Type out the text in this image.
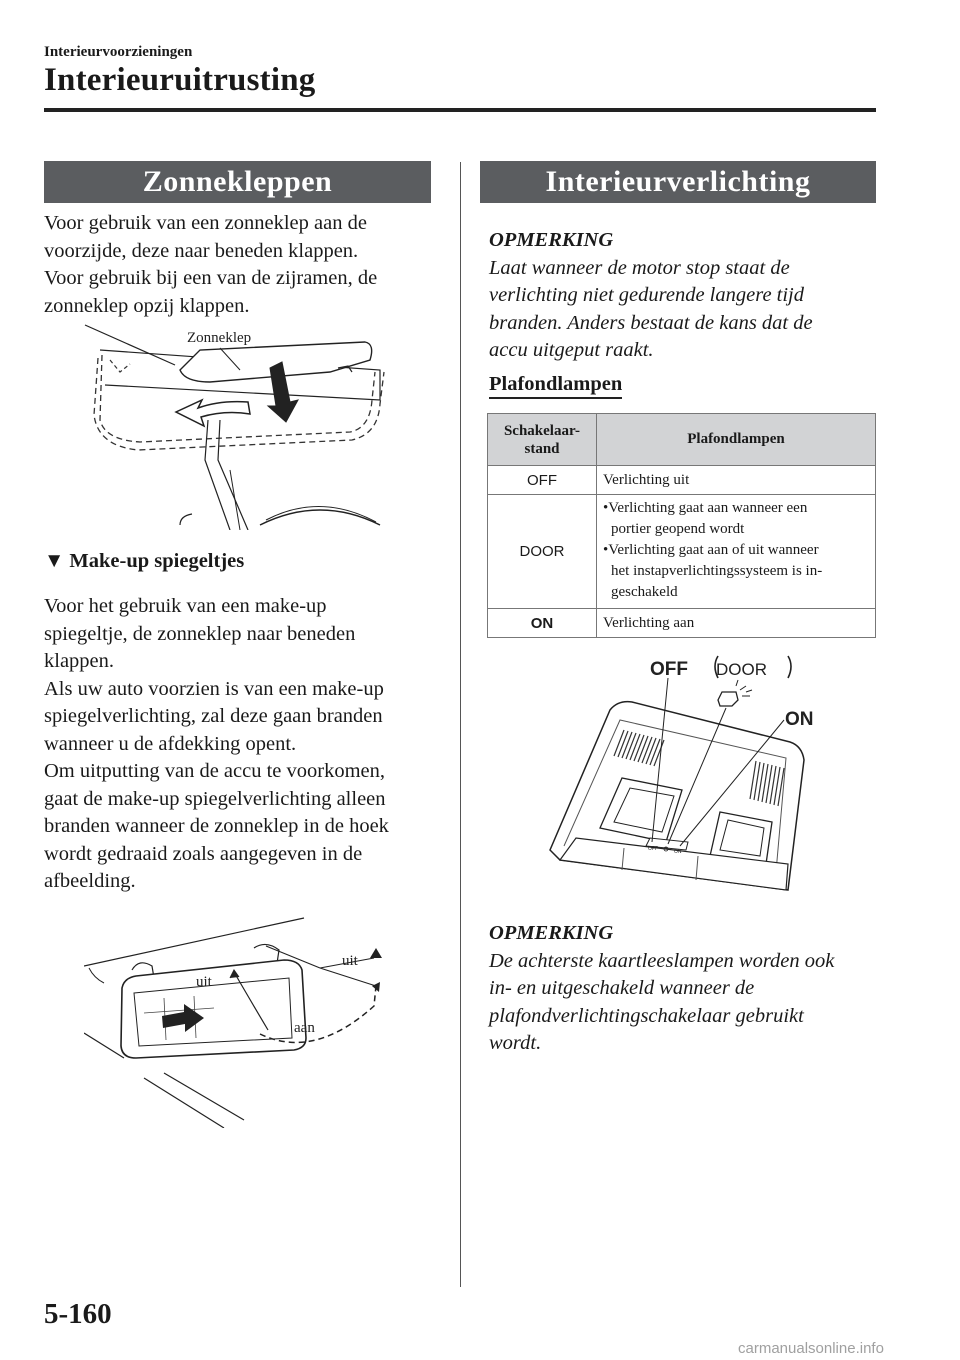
Interieurvoorzieningen
Interieuruitrusting
Zonnekleppen
Voor gebruik van een zonneklep aan de
voorzijde, deze naar beneden klappen.
Voor gebruik bij een van de zijramen, de
zonneklep opzij klappen.
Zonneklep
▼ Make-up spiegeltjes
Voor het gebruik van een make-up
spiegeltje, de zonneklep naar beneden
klappen.
Als uw auto voorzien is van een make-up
spiegelverlichting, zal deze gaan branden
wanneer u de afdekking opent.
Om uitputting van de accu te voorkomen,
gaat de make-up spiegelverlichting alleen
branden wanneer de zonneklep in de hoek
wordt gedraaid zoals aangegeven in de
afbeelding.
uit
uit
aan
Interieurverlichting
OPMERKING
Laat wanneer de motor stop staat de
verlichting niet gedurende langere tijd
branden. Anders bestaat de kans dat de
accu uitgeput raakt.
Plafondlampen
Schakelaar-
stand	Plafondlampen
OFF	Verlichting uit
DOOR	•Verlichting gaat aan wanneer een
portier geopend wordt
•Verlichting gaat aan of uit wanneer
het instapverlichtingssysteem is in-
geschakeld

ON	Verlichting aan
OFF	ON
OFF DOOR
ON
OPMERKING
De achterste kaartleeslampen worden ook
in- en uitgeschakeld wanneer de
plafondverlichtingschakelaar gebruikt
wordt.
5-160
carmanualsonline.info
